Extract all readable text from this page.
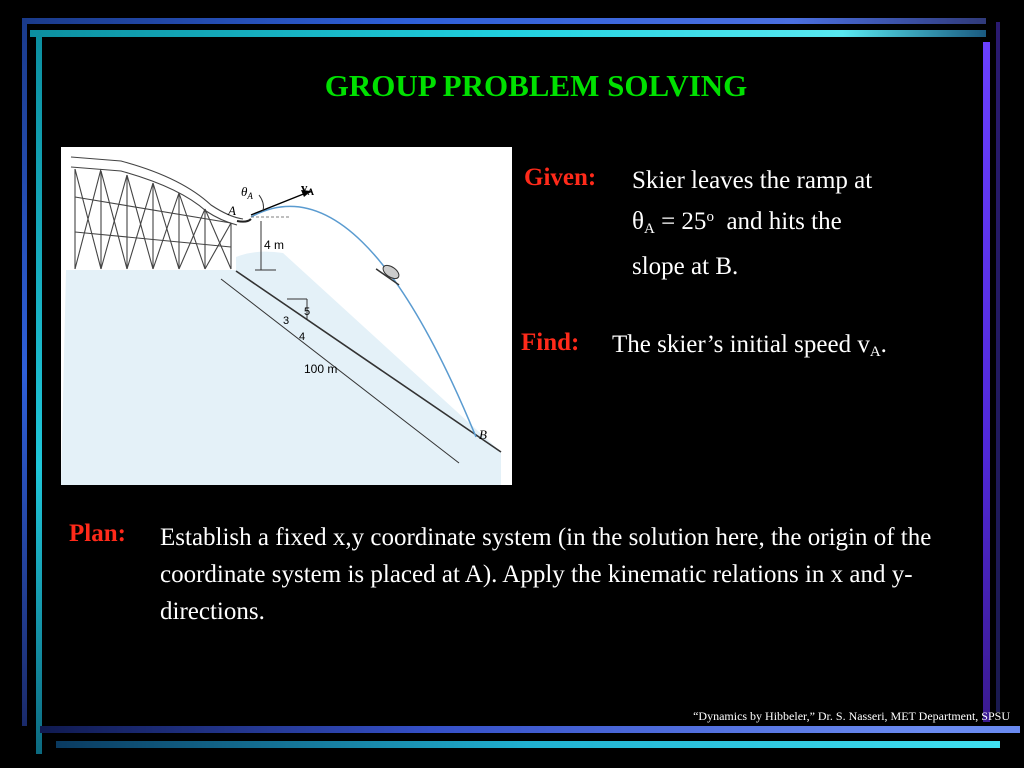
GROUP PROBLEM SOLVING
$\theta_A$
$v_A$
A
B
4 m
3
5
4
100 m
Given: Skier leaves the ramp at
$\theta_A = 25^o$  and hits the
slope at B.
Find: The skier’s initial speed $v_A$.
Plan: Establish a fixed x,y coordinate system (in the solution here, the origin of the coordinate system is placed at A). Apply the kinematic relations in x and y-directions.
“Dynamics by Hibbeler,” Dr. S. Nasseri, MET Department, SPSU
